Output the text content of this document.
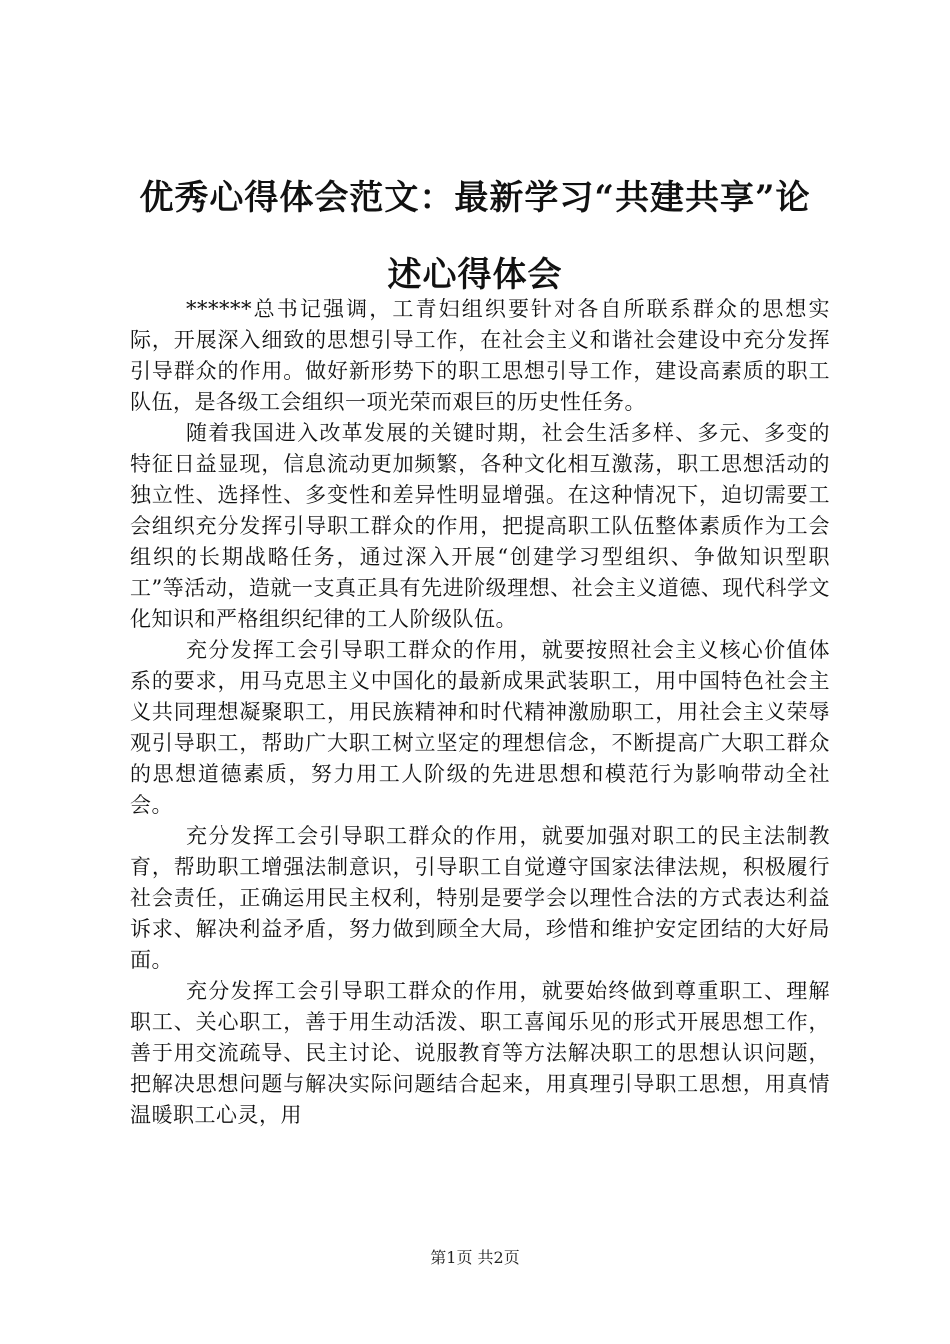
优秀心得体会范文：最新学习“共建共享”论
述心得体会

******总书记强调，工青妇组织要针对各自所联系群众的思想实际，开展深入细致的思想引导工作，在社会主义和谐社会建设中充分发挥引导群众的作用。做好新形势下的职工思想引导工作，建设高素质的职工队伍，是各级工会组织一项光荣而艰巨的历史性任务。

随着我国进入改革发展的关键时期，社会生活多样、多元、多变的特征日益显现，信息流动更加频繁，各种文化相互激荡，职工思想活动的独立性、选择性、多变性和差异性明显增强。在这种情况下，迫切需要工会组织充分发挥引导职工群众的作用，把提高职工队伍整体素质作为工会组织的长期战略任务，通过深入开展“创建学习型组织、争做知识型职工”等活动，造就一支真正具有先进阶级理想、社会主义道德、现代科学文化知识和严格组织纪律的工人阶级队伍。

充分发挥工会引导职工群众的作用，就要按照社会主义核心价值体系的要求，用马克思主义中国化的最新成果武装职工，用中国特色社会主义共同理想凝聚职工，用民族精神和时代精神激励职工，用社会主义荣辱观引导职工，帮助广大职工树立坚定的理想信念，不断提高广大职工群众的思想道德素质，努力用工人阶级的先进思想和模范行为影响带动全社会。

充分发挥工会引导职工群众的作用，就要加强对职工的民主法制教育，帮助职工增强法制意识，引导职工自觉遵守国家法律法规，积极履行社会责任，正确运用民主权利，特别是要学会以理性合法的方式表达利益诉求、解决利益矛盾，努力做到顾全大局，珍惜和维护安定团结的大好局面。

充分发挥工会引导职工群众的作用，就要始终做到尊重职工、理解职工、关心职工，善于用生动活泼、职工喜闻乐见的形式开展思想工作，善于用交流疏导、民主讨论、说服教育等方法解决职工的思想认识问题，把解决思想问题与解决实际问题结合起来，用真理引导职工思想，用真情温暖职工心灵，用

第1页 共2页
